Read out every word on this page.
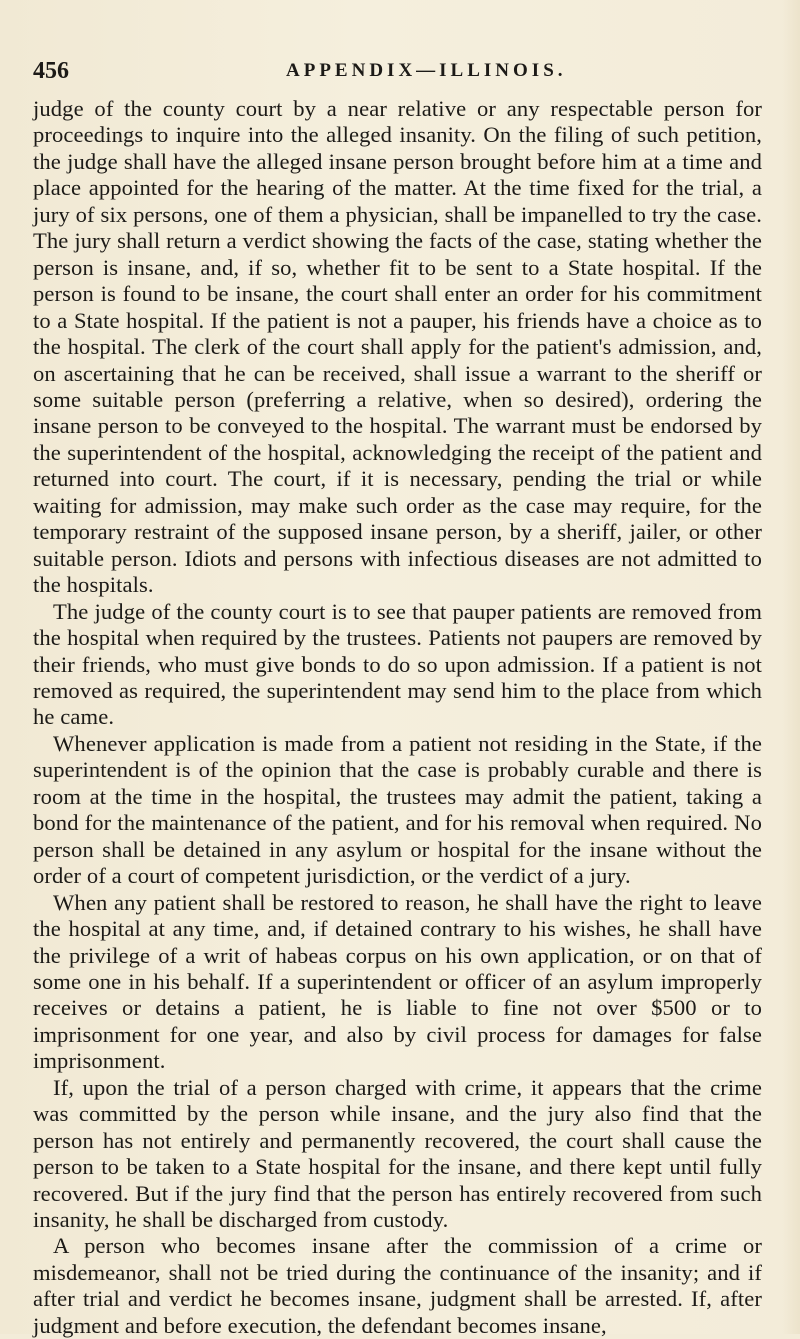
456	APPENDIX—ILLINOIS.

judge of the county court by a near relative or any respectable person for proceedings to inquire into the alleged insanity. On the filing of such petition, the judge shall have the alleged insane person brought before him at a time and place appointed for the hearing of the matter. At the time fixed for the trial, a jury of six persons, one of them a physician, shall be impanelled to try the case. The jury shall return a verdict showing the facts of the case, stating whether the person is insane, and, if so, whether fit to be sent to a State hospital. If the person is found to be insane, the court shall enter an order for his commitment to a State hospital. If the patient is not a pauper, his friends have a choice as to the hospital. The clerk of the court shall apply for the patient's admission, and, on ascertaining that he can be received, shall issue a warrant to the sheriff or some suitable person (preferring a relative, when so desired), ordering the insane person to be conveyed to the hospital. The warrant must be endorsed by the superintendent of the hospital, acknowledging the receipt of the patient and returned into court. The court, if it is necessary, pending the trial or while waiting for admission, may make such order as the case may require, for the temporary restraint of the supposed insane person, by a sheriff, jailer, or other suitable person. Idiots and persons with infectious diseases are not admitted to the hospitals.

The judge of the county court is to see that pauper patients are removed from the hospital when required by the trustees. Patients not paupers are removed by their friends, who must give bonds to do so upon admission. If a patient is not removed as required, the superintendent may send him to the place from which he came.

Whenever application is made from a patient not residing in the State, if the superintendent is of the opinion that the case is probably curable and there is room at the time in the hospital, the trustees may admit the patient, taking a bond for the maintenance of the patient, and for his removal when required. No person shall be detained in any asylum or hospital for the insane without the order of a court of competent jurisdiction, or the verdict of a jury.

When any patient shall be restored to reason, he shall have the right to leave the hospital at any time, and, if detained contrary to his wishes, he shall have the privilege of a writ of habeas corpus on his own application, or on that of some one in his behalf. If a superintendent or officer of an asylum improperly receives or detains a patient, he is liable to fine not over $500 or to imprisonment for one year, and also by civil process for damages for false imprisonment.

If, upon the trial of a person charged with crime, it appears that the crime was committed by the person while insane, and the jury also find that the person has not entirely and permanently recovered, the court shall cause the person to be taken to a State hospital for the insane, and there kept until fully recovered. But if the jury find that the person has entirely recovered from such insanity, he shall be discharged from custody.

A person who becomes insane after the commission of a crime or misdemeanor, shall not be tried during the continuance of the insanity; and if after trial and verdict he becomes insane, judgment shall be arrested. If, after judgment and before execution, the defendant becomes insane,
